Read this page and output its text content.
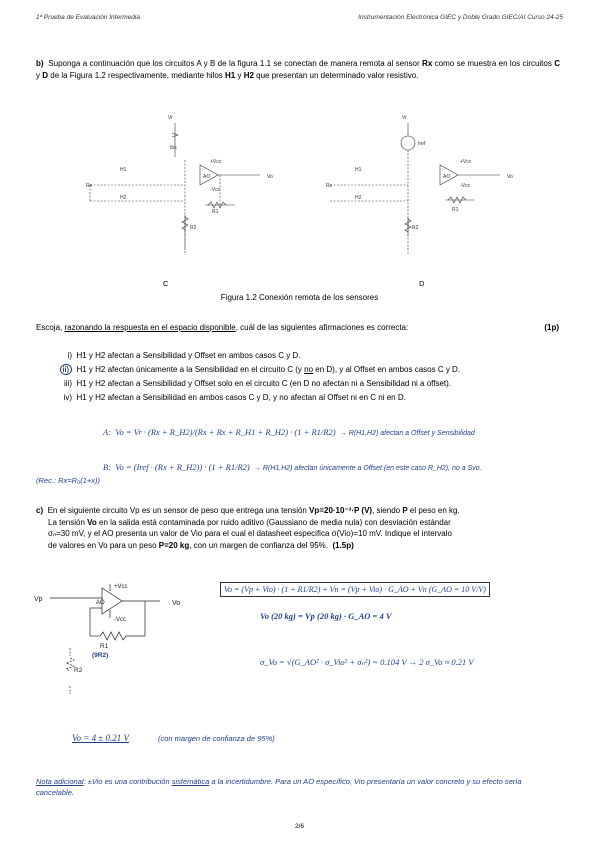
1ª Prueba de Evaluación Intermedia	Instrumentación Electrónica GIEC y Doble Grado GIEC/AI Curso 24-25
b) Suponga a continuación que los circuitos A y B de la figura 1.1 se conectan de manera remota al sensor Rx como se muestra en los circuitos C y D de la Figura 1.2 respectivamente, mediante hilos H1 y H2 que presentan un determinado valor resistivo.
Vr
Ibs
H1
H2
Rx
+Vcc
AO
-Vcc
Vo
R1
R2
Vr
Iref
H1
H2
Rx
+Vcc
AO
-Vcc
Vo
R1
R2
C	D
Figura 1.2 Conexión remota de los sensores
Escoja, razonando la respuesta en el espacio disponible, cuál de las siguientes afirmaciones es correcta:	(1p)
i) H1 y H2 afectan a Sensibilidad y Offset en ambos casos C y D.
ii) H1 y H2 afectan únicamente a la Sensibilidad en el circuito C (y no en D), y al Offset en ambos casos C y D.
iii) H1 y H2 afectan a Sensibilidad y Offset solo en el circuito C (en D no afectan ni a Sensibilidad ni a offset).
iv) H1 y H2 afectan a Sensibilidad en ambos casos C y D, y no afectan al Offset ni en C ni en D.
A: Vo = Vr · (Rx + R_H2)/(Rx + Rx + R_H1 + R_H2) · (1 + R1/R2) → R(H1,H2) afectan a Offset y Sensibilidad
B: Vo = (Iref · (Rx + R_H2)) · (1 + R1/R2) → R(H1,H2) afectan únicamente a Offset (en este caso R_H2), no a Svo.
(Rec.: Rx=R₀(1+x))
c) En el siguiente circuito Vp es un sensor de peso que entrega una tensión Vp=20·10⁻³·P (V), siendo P el peso en kg.
La tensión Vo en la salida está contaminada por ruido aditivo (Gaussiano de media nula) con desviación estándar
σₙ=30 mV, y el AO presenta un valor de Vio para el cual el datasheet especifica σ(Vio)=10 mV. Indique el intervalo
de valores en Vo para un peso P=20 kg, con un margen de confianza del 95%. (1.5p)
Vp
+Vcc
AO
-Vcc
Vo
R1
(9R2)
R2
Vo = (Vp + Vio) · (1 + R1/R2) + Vn = (Vp + Vio) · G_AO + Vn (G_AO = 10 V/V)
Vo (20 kg) = Vp (20 kg) · G_AO = 4 V
σ_Vo = √(G_AO² · σ_Vio² + σₙ²) = 0.104 V → 2 σ_Vo ≈ 0.21 V
Vo = 4 ± 0.21 V	(con margen de confianza de 95%)
Nota adicional: ±Vio es una contribución sistemática a la incertidumbre. Para un AO específico, Vio presentaría un valor concreto y su efecto sería cancelable.
2/6
